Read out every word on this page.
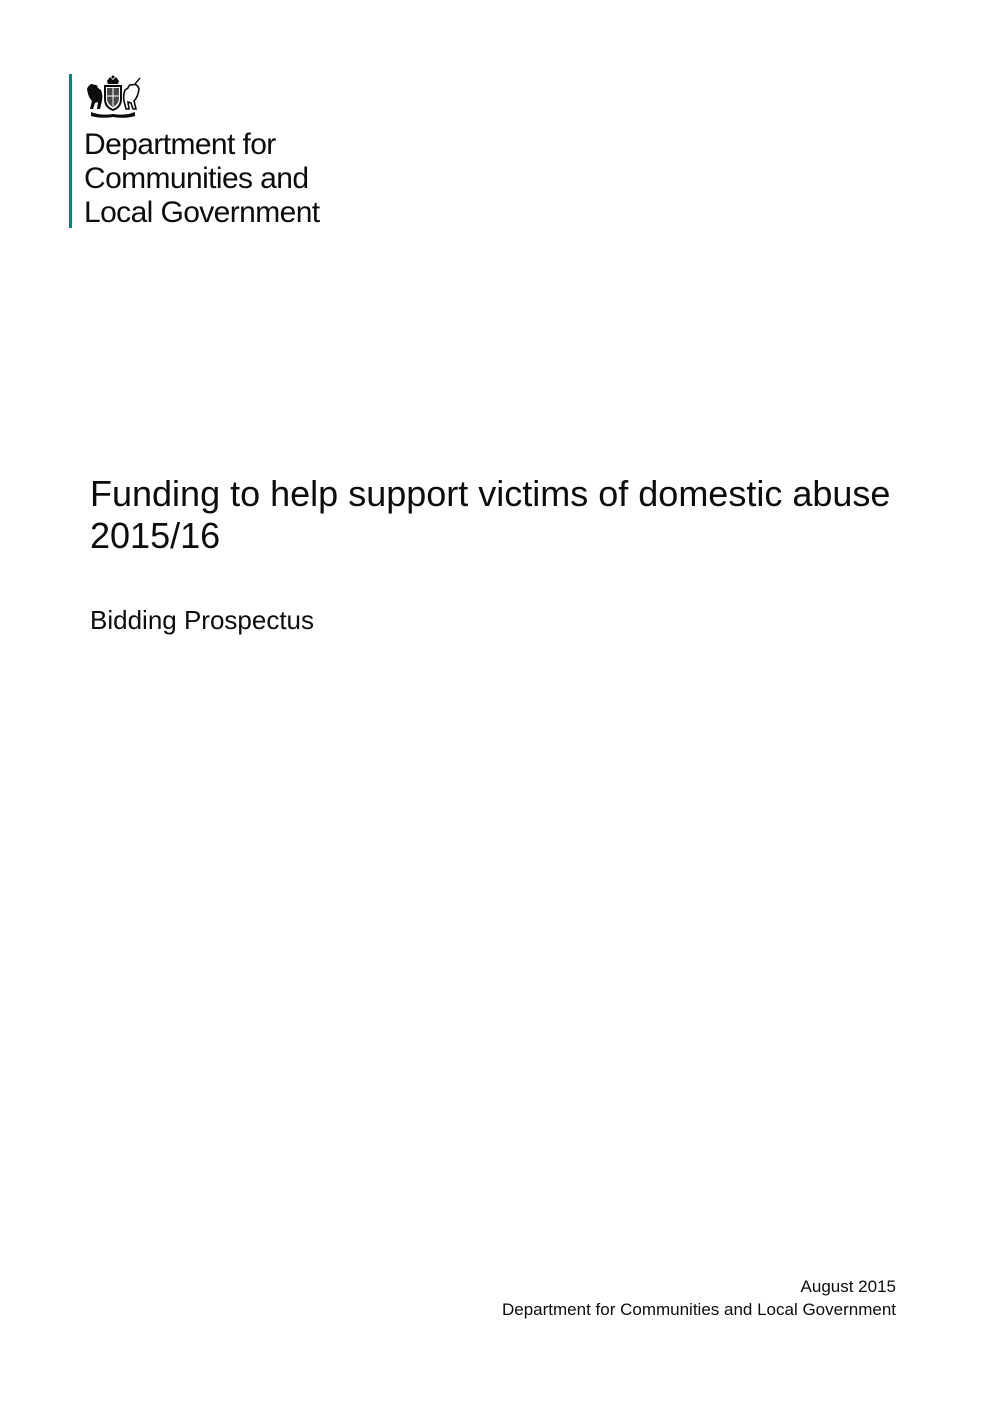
Department for
Communities and
Local Government
Funding to help support victims of domestic abuse 2015/16

Bidding Prospectus

August 2015
Department for Communities and Local Government
